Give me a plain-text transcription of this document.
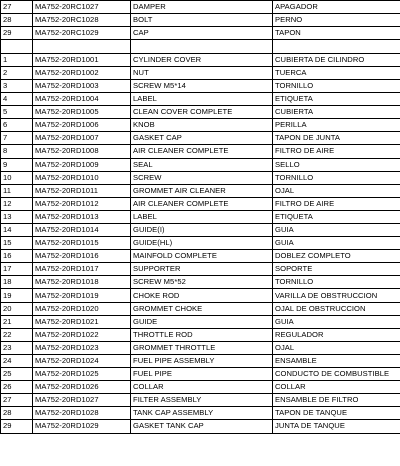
27	MA752-20RC1027	DAMPER	APAGADOR
28	MA752-20RC1028	BOLT	PERNO
29	MA752-20RC1029	CAP	TAPON

1	MA752-20RD1001	CYLINDER COVER	CUBIERTA DE CILINDRO
2	MA752-20RD1002	NUT	TUERCA
3	MA752-20RD1003	SCREW M5*14	TORNILLO
4	MA752-20RD1004	LABEL	ETIQUETA
5	MA752-20RD1005	CLEAN COVER COMPLETE	CUBIERTA
6	MA752-20RD1006	KNOB	PERILLA
7	MA752-20RD1007	GASKET CAP	TAPON DE JUNTA
8	MA752-20RD1008	AIR CLEANER COMPLETE	FILTRO DE AIRE
9	MA752-20RD1009	SEAL	SELLO
10	MA752-20RD1010	SCREW	TORNILLO
11	MA752-20RD1011	GROMMET AIR CLEANER	OJAL
12	MA752-20RD1012	AIR CLEANER COMPLETE	FILTRO DE AIRE
13	MA752-20RD1013	LABEL	ETIQUETA
14	MA752-20RD1014	GUIDE(I)	GUIA
15	MA752-20RD1015	GUIDE(HL)	GUIA
16	MA752-20RD1016	MAINFOLD COMPLETE	DOBLEZ COMPLETO
17	MA752-20RD1017	SUPPORTER	SOPORTE
18	MA752-20RD1018	SCREW M5*52	TORNILLO
19	MA752-20RD1019	CHOKE ROD	VARILLA DE OBSTRUCCION
20	MA752-20RD1020	GROMMET CHOKE	OJAL DE OBSTRUCCION
21	MA752-20RD1021	GUIDE	GUIA
22	MA752-20RD1022	THROTTLE ROD	REGULADOR
23	MA752-20RD1023	GROMMET THROTTLE	OJAL
24	MA752-20RD1024	FUEL PIPE ASSEMBLY	ENSAMBLE
25	MA752-20RD1025	FUEL PIPE	CONDUCTO DE COMBUSTIBLE
26	MA752-20RD1026	COLLAR	COLLAR
27	MA752-20RD1027	FILTER ASSEMBLY	ENSAMBLE DE FILTRO
28	MA752-20RD1028	TANK CAP ASSEMBLY	TAPON DE TANQUE
29	MA752-20RD1029	GASKET TANK CAP	JUNTA DE TANQUE
